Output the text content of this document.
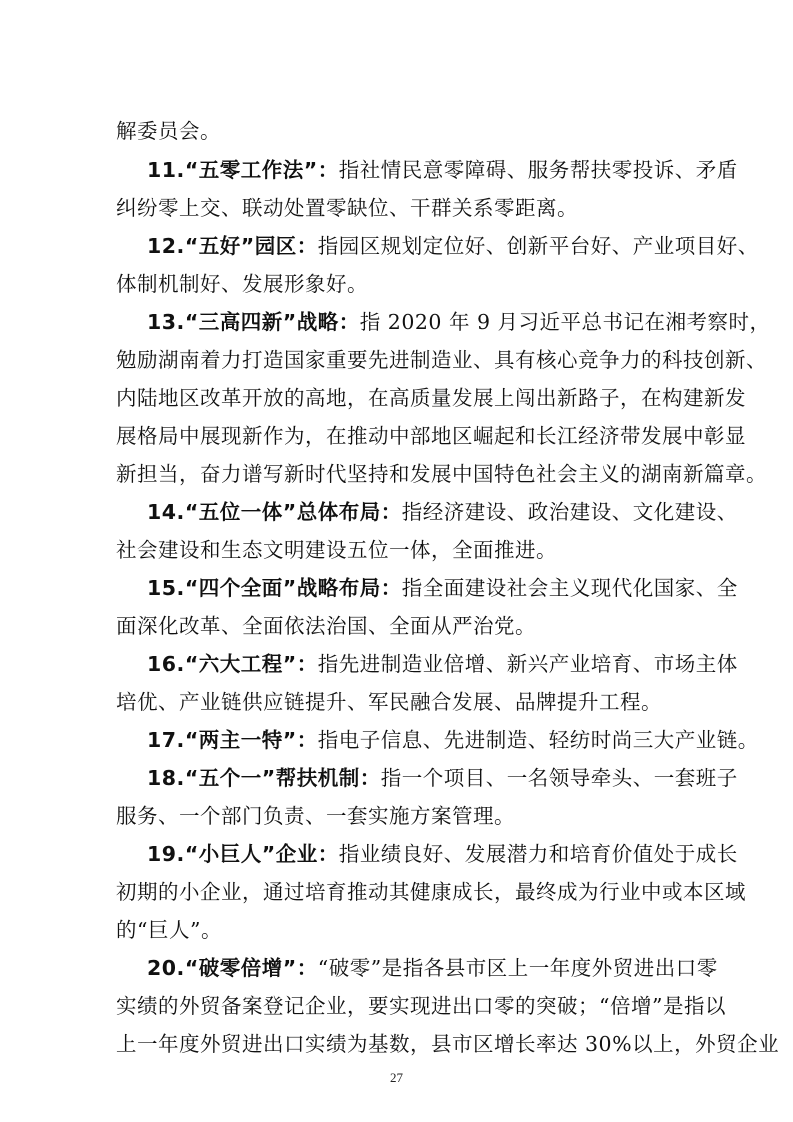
解委员会。
11.“五零工作法”：指社情民意零障碍、服务帮扶零投诉、矛盾
纠纷零上交、联动处置零缺位、干群关系零距离。
12.“五好”园区：指园区规划定位好、创新平台好、产业项目好、
体制机制好、发展形象好。
13.“三高四新”战略：指 2020 年 9 月习近平总书记在湘考察时，
勉励湖南着力打造国家重要先进制造业、具有核心竞争力的科技创新、
内陆地区改革开放的高地，在高质量发展上闯出新路子，在构建新发
展格局中展现新作为，在推动中部地区崛起和长江经济带发展中彰显
新担当，奋力谱写新时代坚持和发展中国特色社会主义的湖南新篇章。
14.“五位一体”总体布局：指经济建设、政治建设、文化建设、
社会建设和生态文明建设五位一体，全面推进。
15.“四个全面”战略布局：指全面建设社会主义现代化国家、全
面深化改革、全面依法治国、全面从严治党。
16.“六大工程”：指先进制造业倍增、新兴产业培育、市场主体
培优、产业链供应链提升、军民融合发展、品牌提升工程。
17.“两主一特”：指电子信息、先进制造、轻纺时尚三大产业链。
18.“五个一”帮扶机制：指一个项目、一名领导牵头、一套班子
服务、一个部门负责、一套实施方案管理。
19.“小巨人”企业：指业绩良好、发展潜力和培育价值处于成长
初期的小企业，通过培育推动其健康成长，最终成为行业中或本区域
的“巨人”。
20.“破零倍增”：“破零”是指各县市区上一年度外贸进出口零
实绩的外贸备案登记企业，要实现进出口零的突破；“倍增”是指以
上一年度外贸进出口实绩为基数，县市区增长率达 30%以上，外贸企业
27
